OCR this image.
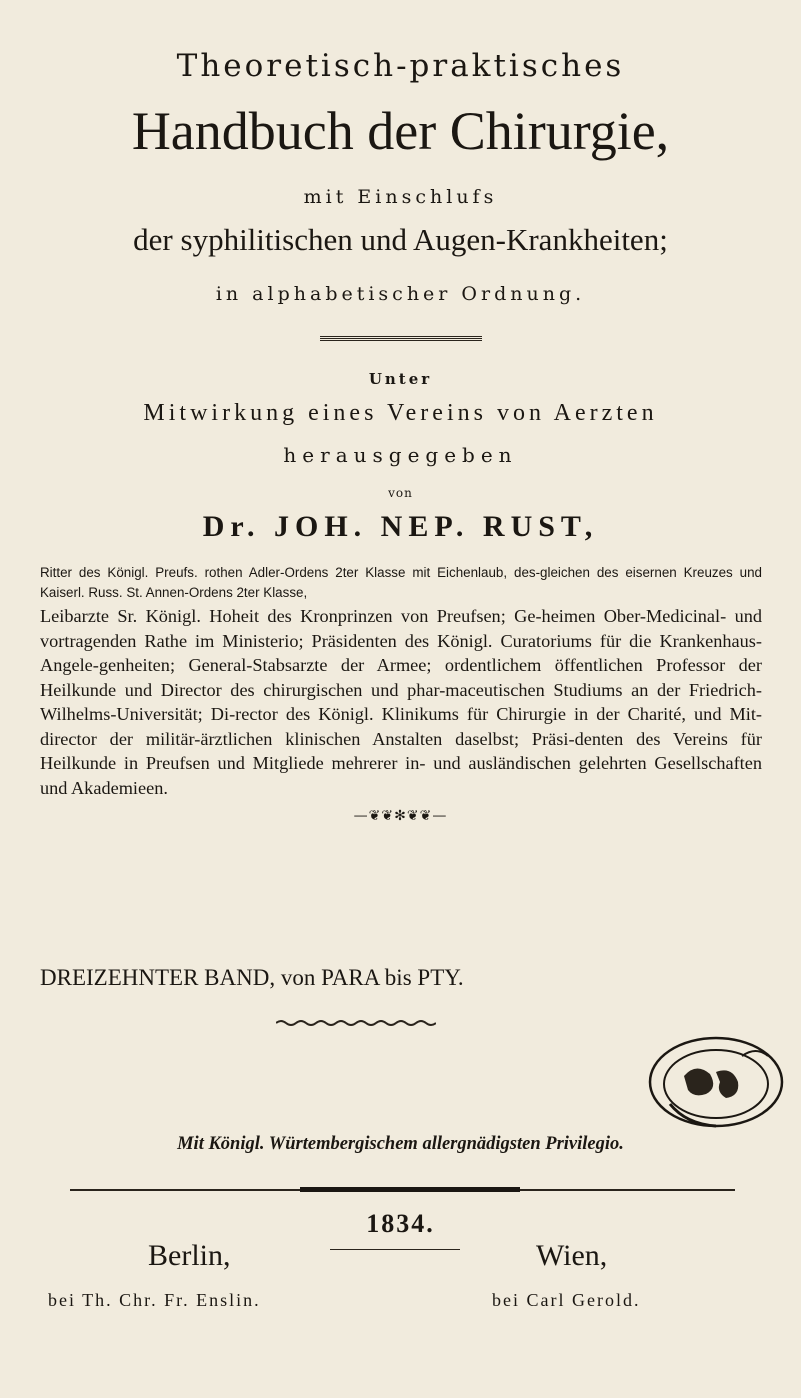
Theoretisch-praktisches
Handbuch der Chirurgie,
mit Einschlufs
der syphilitischen und Augen-Krankheiten;
in alphabetischer Ordnung.
Unter
Mitwirkung eines Vereins von Aerzten
herausgegeben
von
Dr. JOH. NEP. RUST,
Ritter des Königl. Preufs. rothen Adler-Ordens 2ter Klasse mit Eichenlaub, des-gleichen des eisernen Kreuzes und Kaiserl. Russ. St. Annen-Ordens 2ter Klasse,
Leibarzte Sr. Königl. Hoheit des Kronprinzen von Preufsen; Ge-heimen Ober-Medicinal- und vortragenden Rathe im Ministerio; Präsidenten des Königl. Curatoriums für die Krankenhaus-Angele-genheiten; General-Stabsarzte der Armee; ordentlichem öffentlichen Professor der Heilkunde und Director des chirurgischen und phar-maceutischen Studiums an der Friedrich-Wilhelms-Universität; Di-rector des Königl. Klinikums für Chirurgie in der Charité, und Mit-director der militär-ärztlichen klinischen Anstalten daselbst; Präsi-denten des Vereins für Heilkunde in Preufsen und Mitgliede mehrerer in- und ausländischen gelehrten Gesellschaften und Akademieen.
—❦❦✻❦❦—
DREIZEHNTER BAND, von PARA bis PTY.
Mit Königl. Würtembergischem allergnädigsten Privilegio.
1834.
Berlin,	Wien,
bei Th. Chr. Fr. Enslin.	bei Carl Gerold.
